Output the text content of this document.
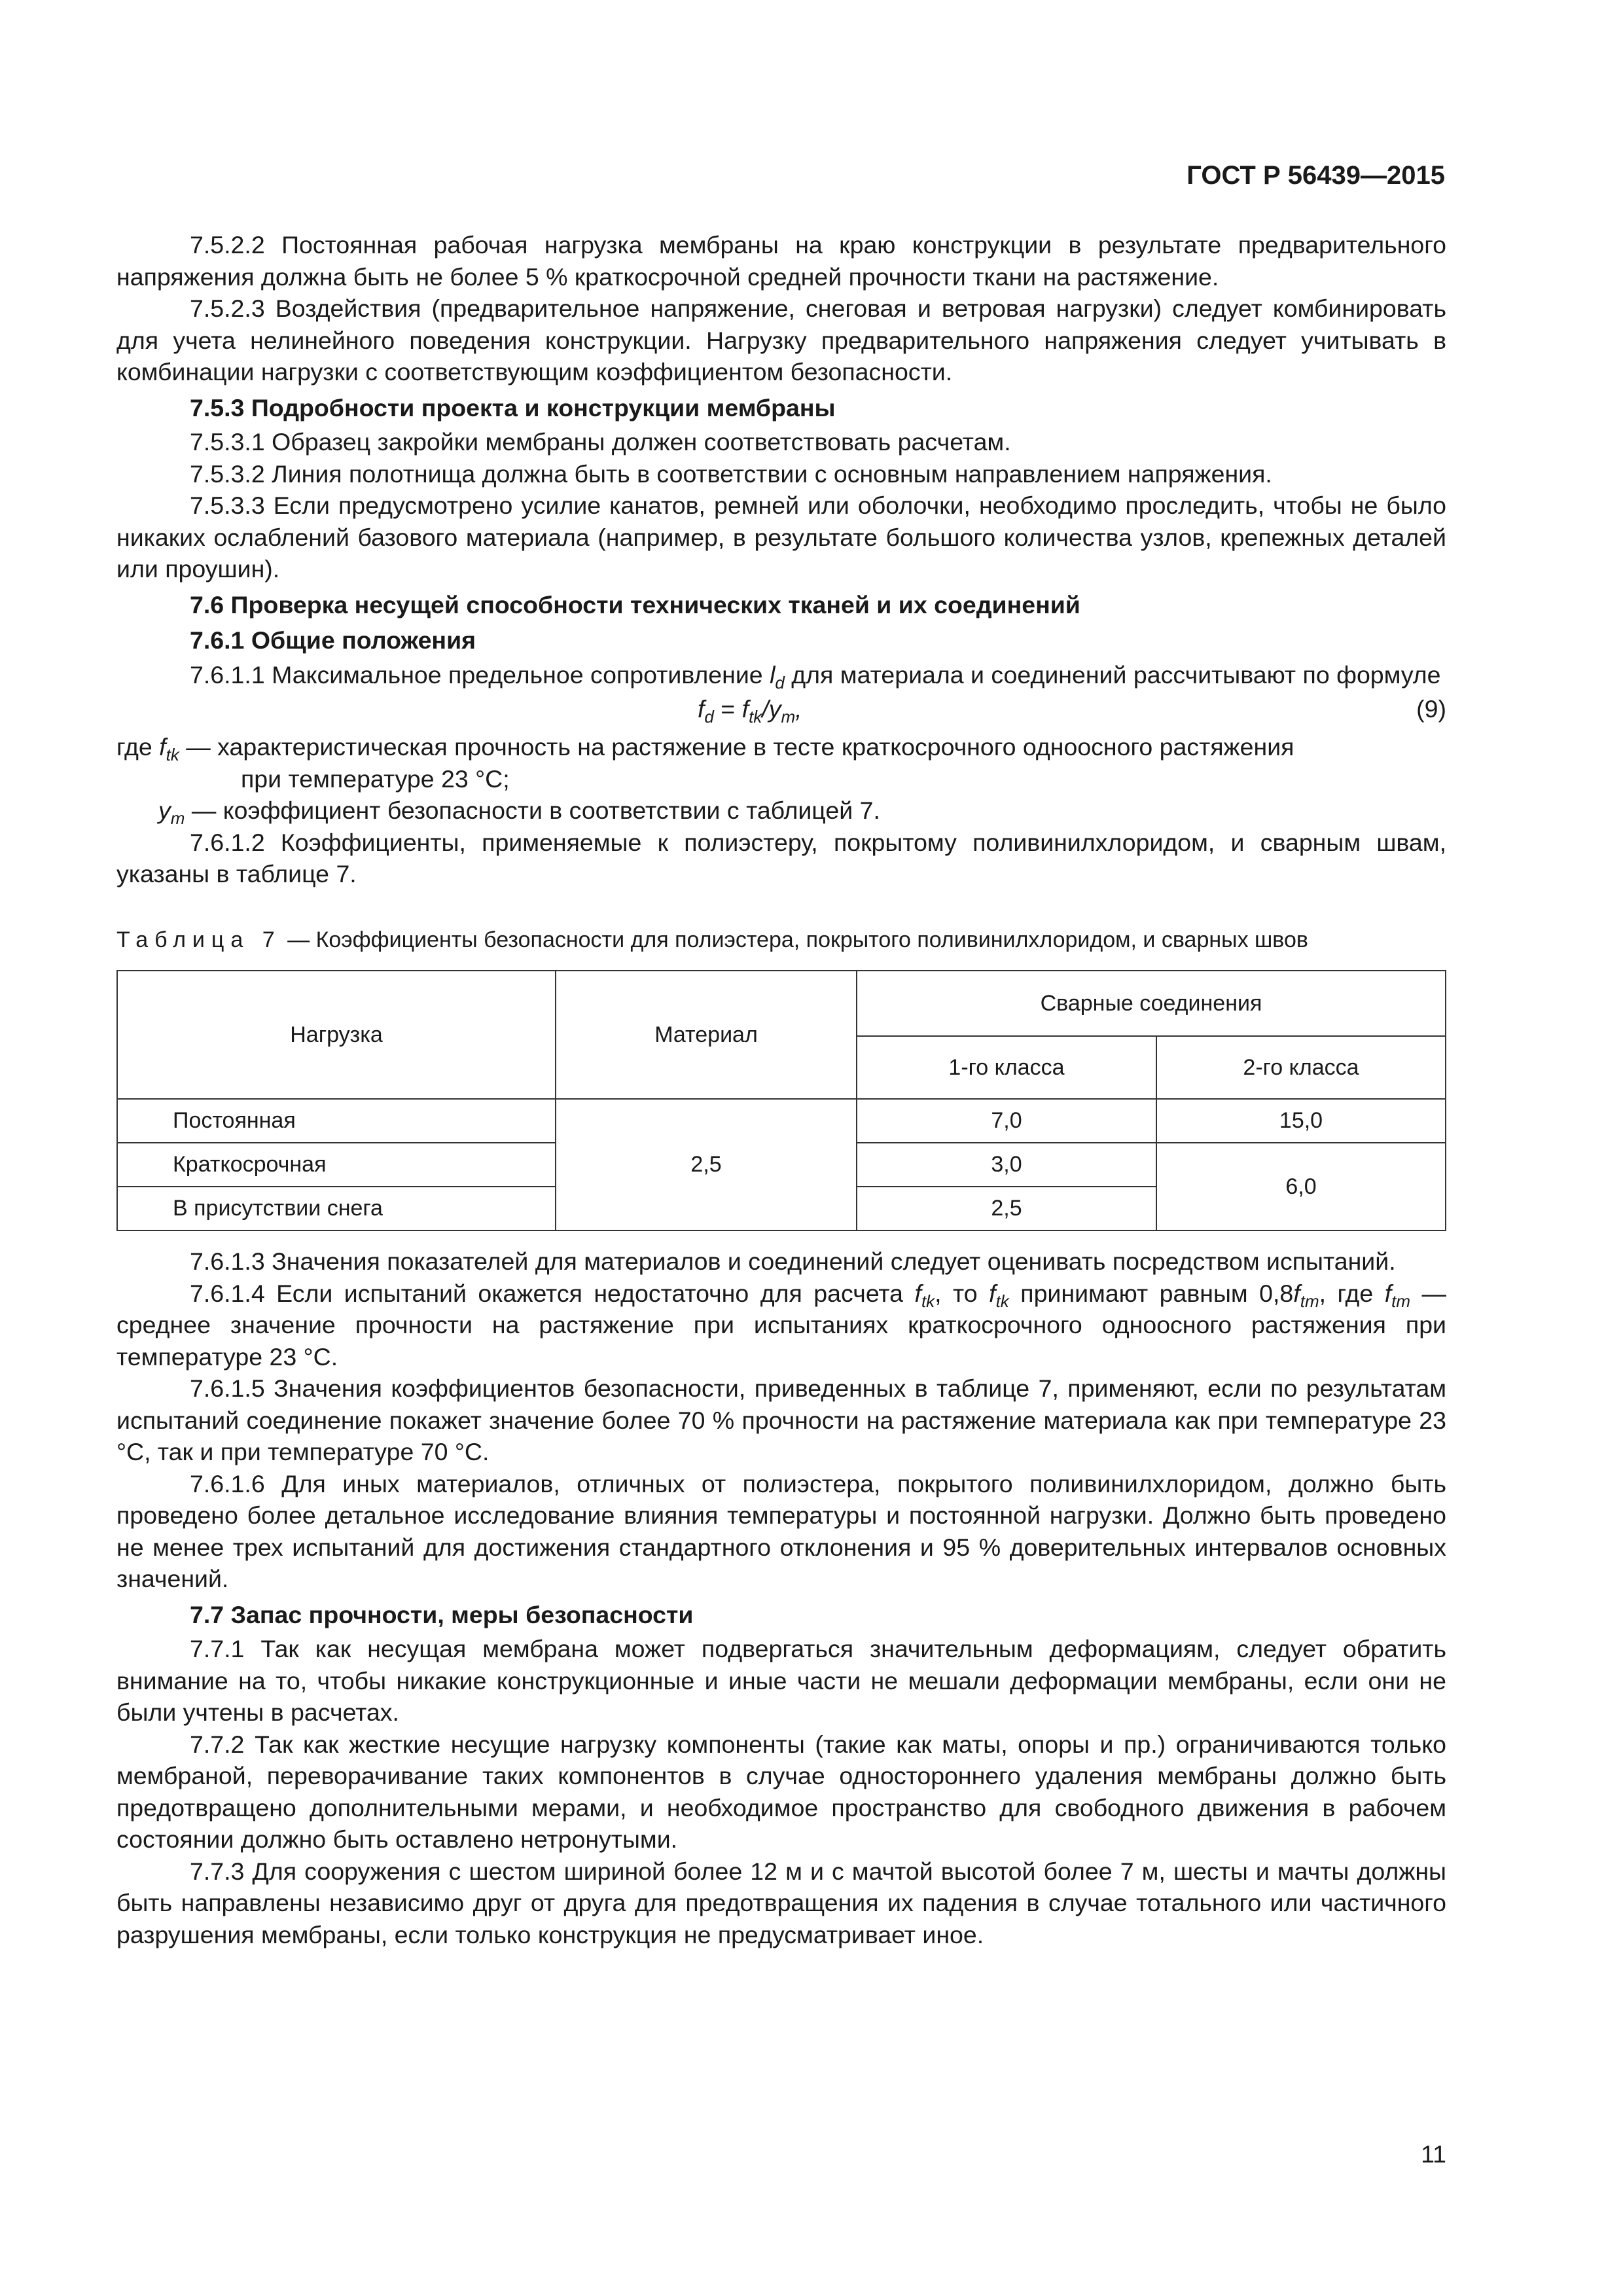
ГОСТ Р 56439—2015

7.5.2.2 Постоянная рабочая нагрузка мембраны на краю конструкции в результате предварительного напряжения должна быть не более 5 % краткосрочной средней прочности ткани на растяжение.

7.5.2.3 Воздействия (предварительное напряжение, снеговая и ветровая нагрузки) следует комбинировать для учета нелинейного поведения конструкции. Нагрузку предварительного напряжения следует учитывать в комбинации нагрузки с соответствующим коэффициентом безопасности.

7.5.3 Подробности проекта и конструкции мембраны

7.5.3.1 Образец закройки мембраны должен соответствовать расчетам.

7.5.3.2 Линия полотнища должна быть в соответствии с основным направлением напряжения.

7.5.3.3 Если предусмотрено усилие канатов, ремней или оболочки, необходимо проследить, чтобы не было никаких ослаблений базового материала (например, в результате большого количества узлов, крепежных деталей или проушин).

7.6 Проверка несущей способности технических тканей и их соединений

7.6.1 Общие положения

7.6.1.1 Максимальное предельное сопротивление $l_d$ для материала и соединений рассчитывают по формуле

$f_d = f_{tk}/y_m$,	(9)

где $f_{tk}$ — характеристическая прочность на растяжение в тесте краткосрочного одноосного растяжения

при температуре 23 °C;

$y_m$ — коэффициент безопасности в соответствии с таблицей 7.

7.6.1.2 Коэффициенты, применяемые к полиэстеру, покрытому поливинилхлоридом, и сварным швам, указаны в таблице 7.

Таблица 7 — Коэффициенты безопасности для полиэстера, покрытого поливинилхлоридом, и сварных швов
Нагрузка	Материал	Сварные соединения	
		1-го класса	2-го класса
Постоянная	2,5	7,0	15,0
Краткосрочная		3,0	6,0
В присутствии снега		2,5	

7.6.1.3 Значения показателей для материалов и соединений следует оценивать посредством испытаний.

7.6.1.4 Если испытаний окажется недостаточно для расчета $f_{tk}$, то $f_{tk}$ принимают равным $0,8f_{tm}$, где $f_{tm}$ — среднее значение прочности на растяжение при испытаниях краткосрочного одноосного растяжения при температуре 23 °C.

7.6.1.5 Значения коэффициентов безопасности, приведенных в таблице 7, применяют, если по результатам испытаний соединение покажет значение более 70 % прочности на растяжение материала как при температуре 23 °C, так и при температуре 70 °C.

7.6.1.6 Для иных материалов, отличных от полиэстера, покрытого поливинилхлоридом, должно быть проведено более детальное исследование влияния температуры и постоянной нагрузки. Должно быть проведено не менее трех испытаний для достижения стандартного отклонения и 95 % доверительных интервалов основных значений.

7.7 Запас прочности, меры безопасности

7.7.1 Так как несущая мембрана может подвергаться значительным деформациям, следует обратить внимание на то, чтобы никакие конструкционные и иные части не мешали деформации мембраны, если они не были учтены в расчетах.

7.7.2 Так как жесткие несущие нагрузку компоненты (такие как маты, опоры и пр.) ограничиваются только мембраной, переворачивание таких компонентов в случае одностороннего удаления мембраны должно быть предотвращено дополнительными мерами, и необходимое пространство для свободного движения в рабочем состоянии должно быть оставлено нетронутыми.

7.7.3 Для сооружения с шестом шириной более 12 м и с мачтой высотой более 7 м, шесты и мачты должны быть направлены независимо друг от друга для предотвращения их падения в случае тотального или частичного разрушения мембраны, если только конструкция не предусматривает иное.

11
